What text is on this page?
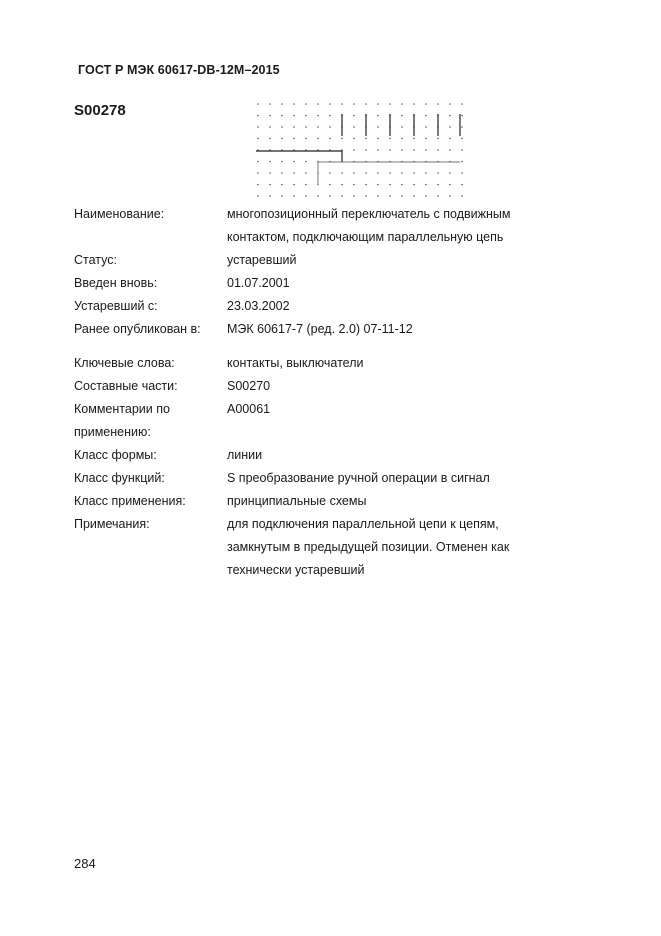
ГОСТ Р МЭК 60617-DB-12М–2015
S00278
Наименование:	многопозиционный переключатель с подвижным
контактом, подключающим параллельную цепь
Статус:	устаревший
Введен вновь:	01.07.2001
Устаревший с:	23.03.2002
Ранее опубликован в:	МЭК 60617-7 (ред. 2.0) 07-11-12
Ключевые слова:	контакты, выключатели
Составные части:	S00270
Комментарии по
применению:
A00061
Класс формы:	линии
Класс функций:	S преобразование ручной операции в сигнал
Класс применения:	принципиальные схемы
Примечания:	для подключения параллельной цепи к цепям,
замкнутым в предыдущей позиции. Отменен как
технически устаревший
284
